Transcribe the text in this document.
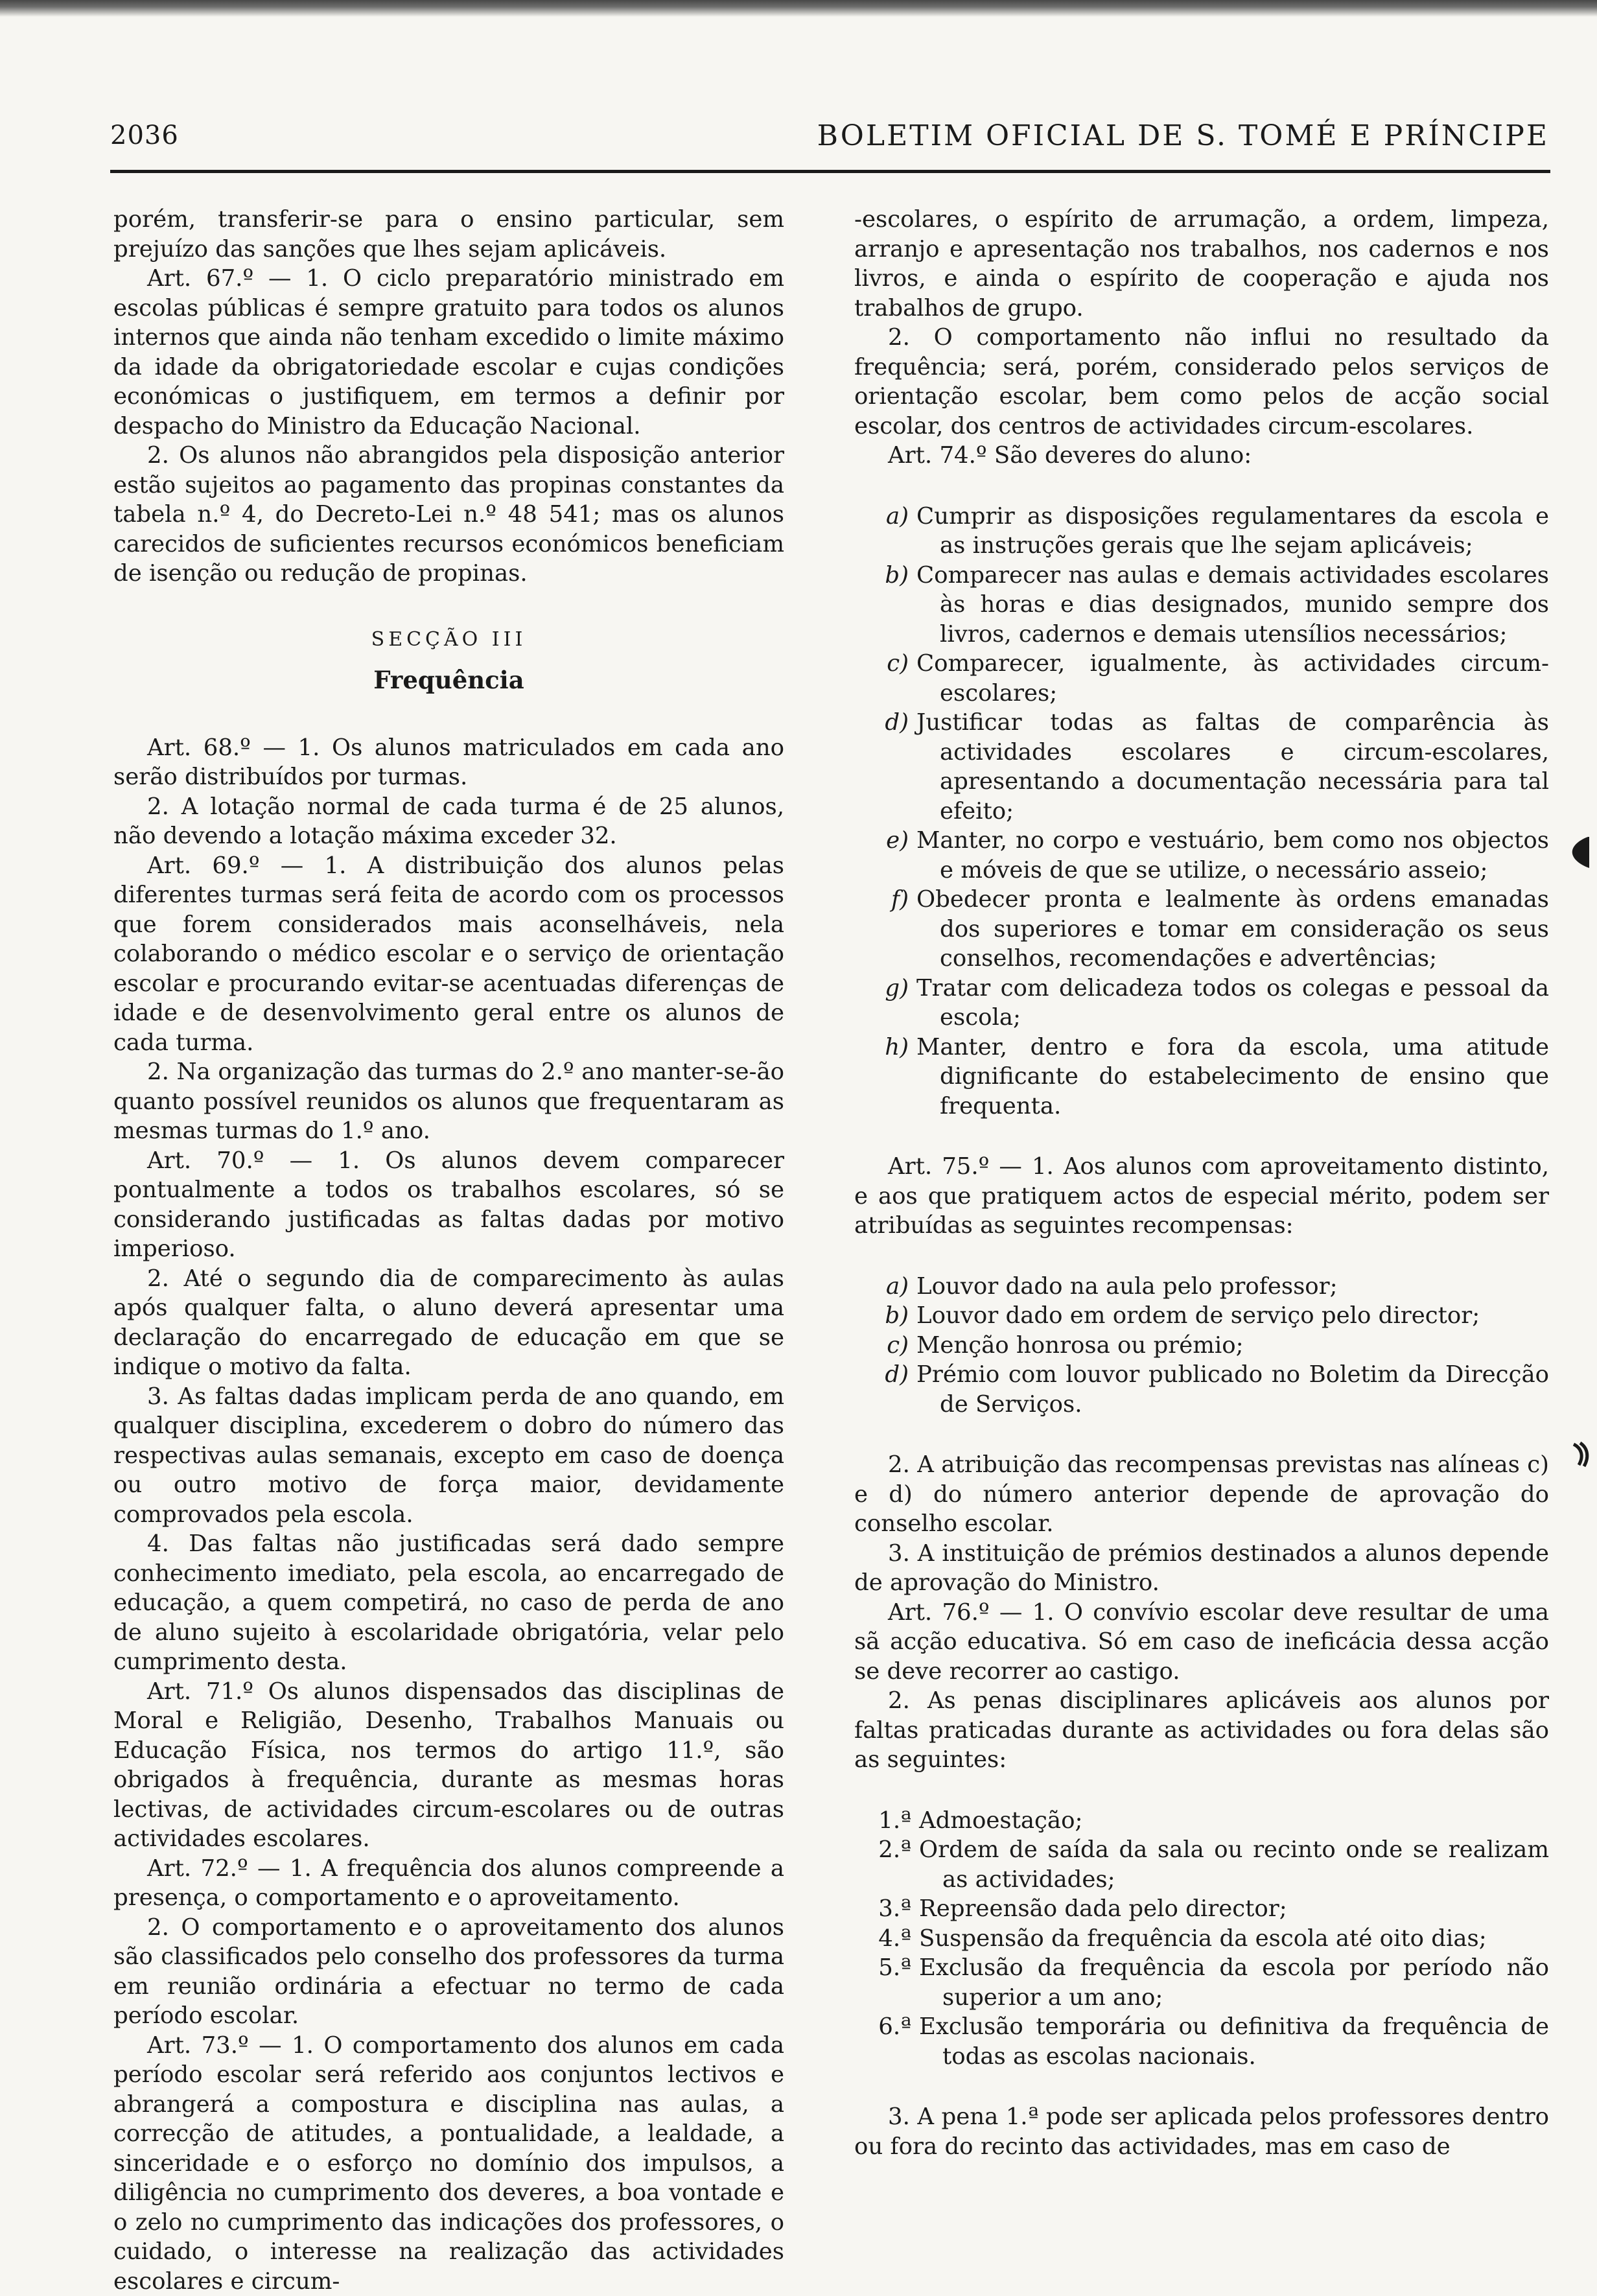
2036	BOLETIM OFICIAL DE S. TOMÉ E PRÍNCIPE

porém, transferir-se para o ensino particular, sem prejuízo das sanções que lhes sejam aplicáveis.

Art. 67.º — 1. O ciclo preparatório ministrado em escolas públicas é sempre gratuito para todos os alunos internos que ainda não tenham excedido o limite máximo da idade da obrigatoriedade escolar e cujas condições económicas o justifiquem, em termos a definir por despacho do Ministro da Educação Nacional.

2. Os alunos não abrangidos pela disposição anterior estão sujeitos ao pagamento das propinas constantes da tabela n.º 4, do Decreto-Lei n.º 48 541; mas os alunos carecidos de suficientes recursos económicos beneficiam de isenção ou redução de propinas.

SECÇÃO III
Frequência

Art. 68.º — 1. Os alunos matriculados em cada ano serão distribuídos por turmas.

2. A lotação normal de cada turma é de 25 alunos, não devendo a lotação máxima exceder 32.

Art. 69.º — 1. A distribuição dos alunos pelas diferentes turmas será feita de acordo com os processos que forem considerados mais aconselháveis, nela colaborando o médico escolar e o serviço de orientação escolar e procurando evitar-se acentuadas diferenças de idade e de desenvolvimento geral entre os alunos de cada turma.

2. Na organização das turmas do 2.º ano manter-se-ão quanto possível reunidos os alunos que frequentaram as mesmas turmas do 1.º ano.

Art. 70.º — 1. Os alunos devem comparecer pontualmente a todos os trabalhos escolares, só se considerando justificadas as faltas dadas por motivo imperioso.

2. Até o segundo dia de comparecimento às aulas após qualquer falta, o aluno deverá apresentar uma declaração do encarregado de educação em que se indique o motivo da falta.

3. As faltas dadas implicam perda de ano quando, em qualquer disciplina, excederem o dobro do número das respectivas aulas semanais, excepto em caso de doença ou outro motivo de força maior, devidamente comprovados pela escola.

4. Das faltas não justificadas será dado sempre conhecimento imediato, pela escola, ao encarregado de educação, a quem competirá, no caso de perda de ano de aluno sujeito à escolaridade obrigatória, velar pelo cumprimento desta.

Art. 71.º Os alunos dispensados das disciplinas de Moral e Religião, Desenho, Trabalhos Manuais ou Educação Física, nos termos do artigo 11.º, são obrigados à frequência, durante as mesmas horas lectivas, de actividades circum-escolares ou de outras actividades escolares.

Art. 72.º — 1. A frequência dos alunos compreende a presença, o comportamento e o aproveitamento.

2. O comportamento e o aproveitamento dos alunos são classificados pelo conselho dos professores da turma em reunião ordinária a efectuar no termo de cada período escolar.

Art. 73.º — 1. O comportamento dos alunos em cada período escolar será referido aos conjuntos lectivos e abrangerá a compostura e disciplina nas aulas, a correcção de atitudes, a pontualidade, a lealdade, a sinceridade e o esforço no domínio dos impulsos, a diligência no cumprimento dos deveres, a boa vontade e o zelo no cumprimento das indicações dos professores, o cuidado, o interesse na realização das actividades escolares e circum-

-escolares, o espírito de arrumação, a ordem, limpeza, arranjo e apresentação nos trabalhos, nos cadernos e nos livros, e ainda o espírito de cooperação e ajuda nos trabalhos de grupo.

2. O comportamento não influi no resultado da frequência; será, porém, considerado pelos serviços de orientação escolar, bem como pelos de acção social escolar, dos centros de actividades circum-escolares.

Art. 74.º São deveres do aluno:

a) Cumprir as disposições regulamentares da escola e as instruções gerais que lhe sejam aplicáveis;
b) Comparecer nas aulas e demais actividades escolares às horas e dias designados, munido sempre dos livros, cadernos e demais utensílios necessários;
c) Comparecer, igualmente, às actividades circum-escolares;
d) Justificar todas as faltas de comparência às actividades escolares e circum-escolares, apresentando a documentação necessária para tal efeito;
e) Manter, no corpo e vestuário, bem como nos objectos e móveis de que se utilize, o necessário asseio;
f) Obedecer pronta e lealmente às ordens emanadas dos superiores e tomar em consideração os seus conselhos, recomendações e advertências;
g) Tratar com delicadeza todos os colegas e pessoal da escola;
h) Manter, dentro e fora da escola, uma atitude dignificante do estabelecimento de ensino que frequenta.

Art. 75.º — 1. Aos alunos com aproveitamento distinto, e aos que pratiquem actos de especial mérito, podem ser atribuídas as seguintes recompensas:

a) Louvor dado na aula pelo professor;
b) Louvor dado em ordem de serviço pelo director;
c) Menção honrosa ou prémio;
d) Prémio com louvor publicado no Boletim da Direcção de Serviços.

2. A atribuição das recompensas previstas nas alíneas c) e d) do número anterior depende de aprovação do conselho escolar.

3. A instituição de prémios destinados a alunos depende de aprovação do Ministro.

Art. 76.º — 1. O convívio escolar deve resultar de uma sã acção educativa. Só em caso de ineficácia dessa acção se deve recorrer ao castigo.

2. As penas disciplinares aplicáveis aos alunos por faltas praticadas durante as actividades ou fora delas são as seguintes:

1.ª Admoestação;
2.ª Ordem de saída da sala ou recinto onde se realizam as actividades;
3.ª Repreensão dada pelo director;
4.ª Suspensão da frequência da escola até oito dias;
5.ª Exclusão da frequência da escola por período não superior a um ano;
6.ª Exclusão temporária ou definitiva da frequência de todas as escolas nacionais.

3. A pena 1.ª pode ser aplicada pelos professores dentro ou fora do recinto das actividades, mas em caso de
